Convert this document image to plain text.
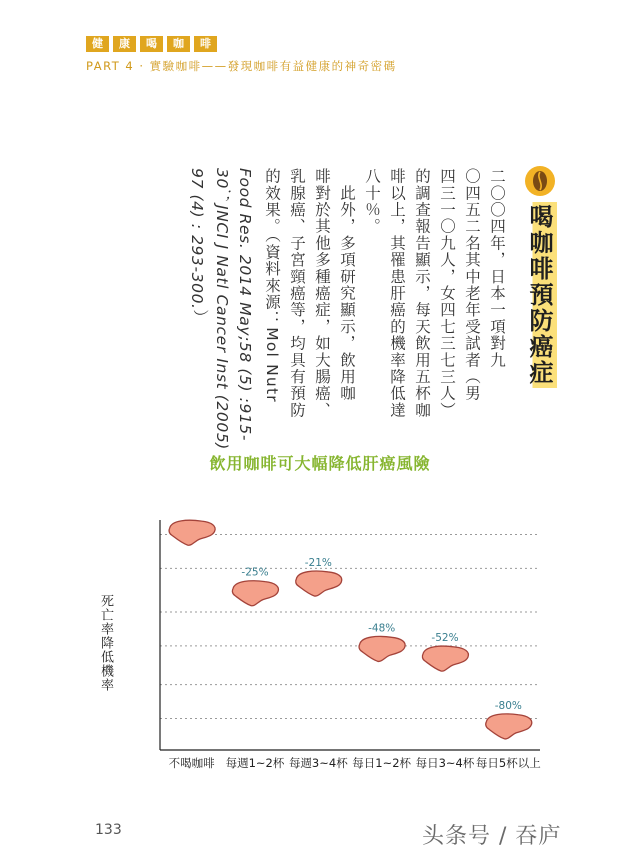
健	康	喝	咖	啡
PART 4 · 實驗咖啡——發現咖啡有益健康的神奇密碼
喝咖啡預防癌症
二〇〇四年，日本一項對九
〇四五二名其中老年受試者（男
四三一〇九人，女四七三七三人）
的調查報告顯示，每天飲用五杯咖
啡以上，其罹患肝癌的機率降低達
八十％。
　此外，多項研究顯示，飲用咖
啡對於其他多種癌症，如大腸癌、
乳腺癌、子宮頸癌等，均具有預防
的效果。（資料來源：Mol Nutr
Food Res. 2014 May;58 (5) :915-
30；JNCI J Natl Cancer Inst (2005)
97 (4) : 293-300.）
飲用咖啡可大幅降低肝癌風險
死亡率降低機率
不喝咖啡
-25%
每週1~2杯
-21%
每週3~4杯
-48%
每日1~2杯
-52%
每日3~4杯
-80%
每日5杯以上
133	头条号 / 吞庐
